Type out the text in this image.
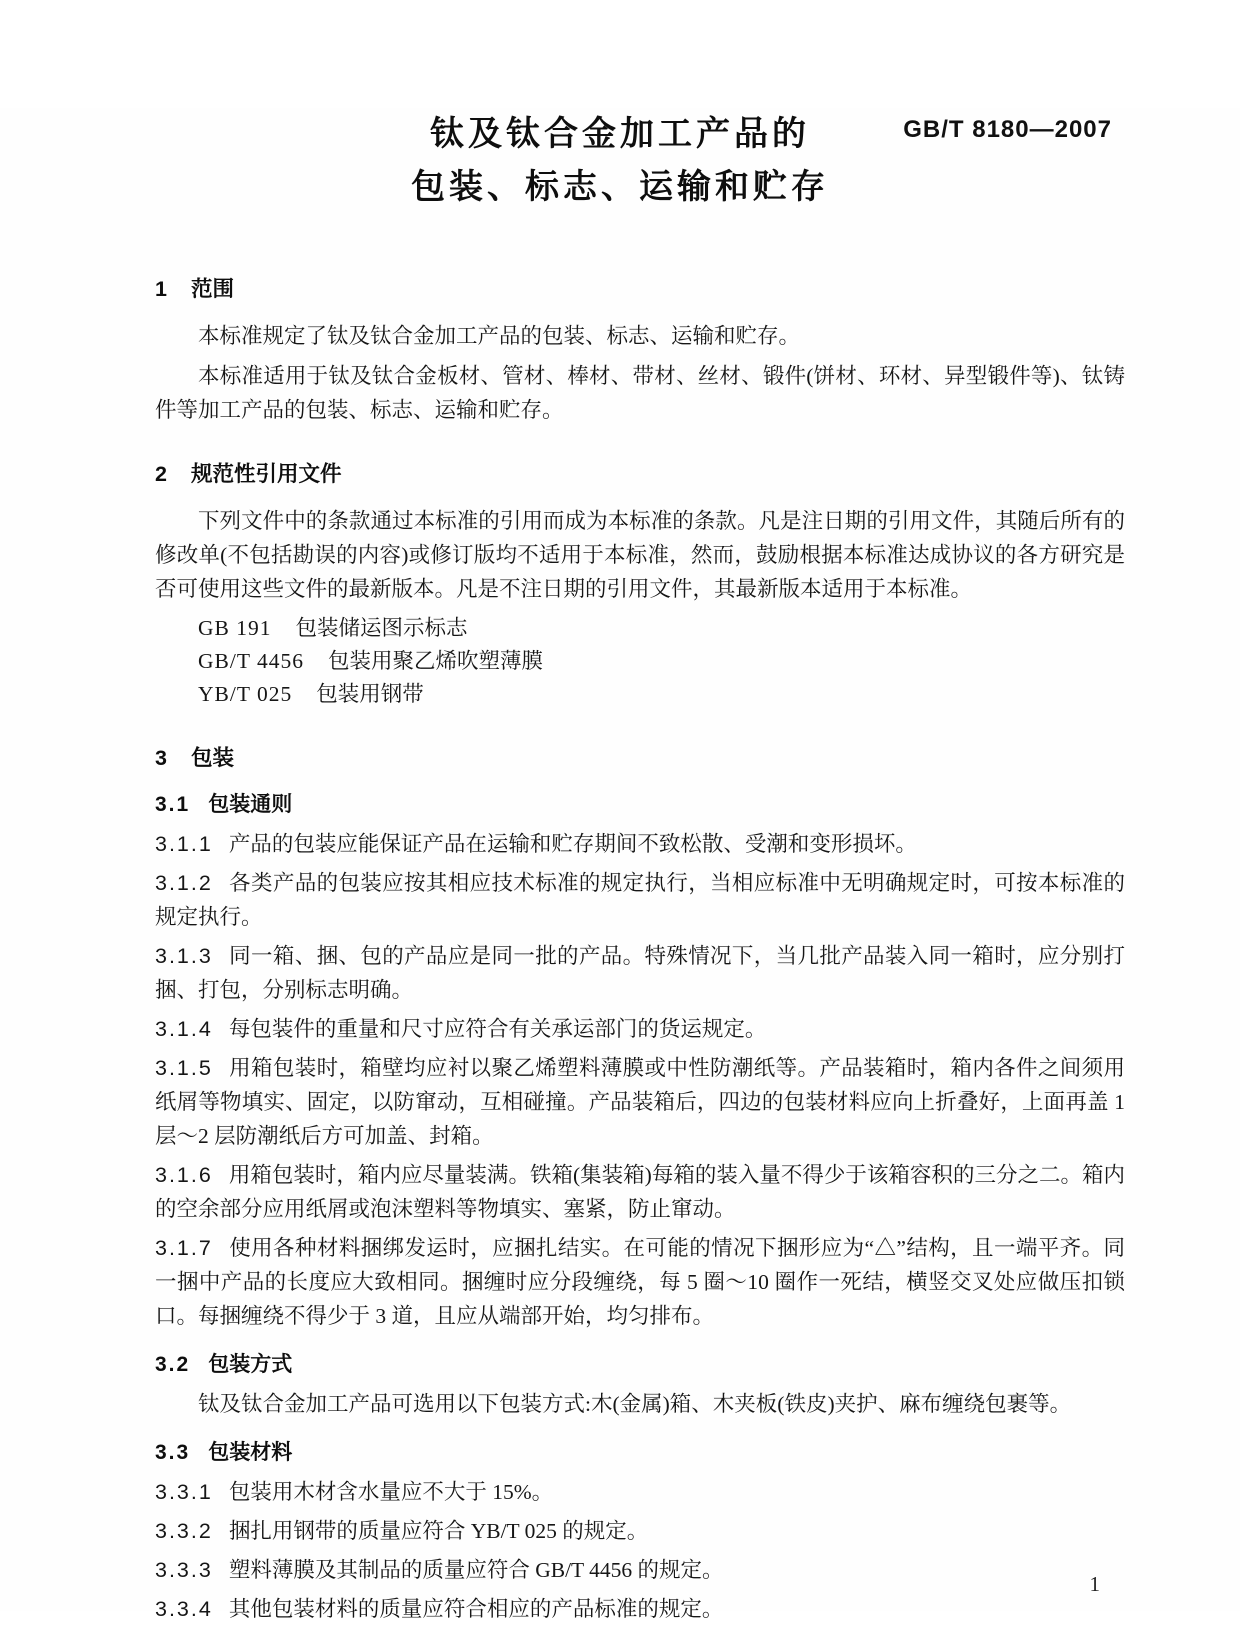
GB/T 8180—2007
钛及钛合金加工产品的
包装、标志、运输和贮存
1 范围

本标准规定了钛及钛合金加工产品的包装、标志、运输和贮存。

本标准适用于钛及钛合金板材、管材、棒材、带材、丝材、锻件(饼材、环材、异型锻件等)、钛铸件等加工产品的包装、标志、运输和贮存。

2 规范性引用文件

下列文件中的条款通过本标准的引用而成为本标准的条款。凡是注日期的引用文件，其随后所有的修改单(不包括勘误的内容)或修订版均不适用于本标准，然而，鼓励根据本标准达成协议的各方研究是否可使用这些文件的最新版本。凡是不注日期的引用文件，其最新版本适用于本标准。

GB 191 包装储运图示标志

GB/T 4456 包装用聚乙烯吹塑薄膜

YB/T 025 包装用钢带

3 包装
3.1 包装通则

3.1.1 产品的包装应能保证产品在运输和贮存期间不致松散、受潮和变形损坏。

3.1.2 各类产品的包装应按其相应技术标准的规定执行，当相应标准中无明确规定时，可按本标准的规定执行。

3.1.3 同一箱、捆、包的产品应是同一批的产品。特殊情况下，当几批产品装入同一箱时，应分别打捆、打包，分别标志明确。

3.1.4 每包装件的重量和尺寸应符合有关承运部门的货运规定。

3.1.5 用箱包装时，箱壁均应衬以聚乙烯塑料薄膜或中性防潮纸等。产品装箱时，箱内各件之间须用纸屑等物填实、固定，以防窜动，互相碰撞。产品装箱后，四边的包装材料应向上折叠好，上面再盖 1 层～2 层防潮纸后方可加盖、封箱。

3.1.6 用箱包装时，箱内应尽量装满。铁箱(集装箱)每箱的装入量不得少于该箱容积的三分之二。箱内的空余部分应用纸屑或泡沫塑料等物填实、塞紧，防止窜动。

3.1.7 使用各种材料捆绑发运时，应捆扎结实。在可能的情况下捆形应为“△”结构，且一端平齐。同一捆中产品的长度应大致相同。捆缠时应分段缠绕，每 5 圈～10 圈作一死结，横竖交叉处应做压扣锁口。每捆缠绕不得少于 3 道，且应从端部开始，均匀排布。

3.2 包装方式

钛及钛合金加工产品可选用以下包装方式:木(金属)箱、木夹板(铁皮)夹护、麻布缠绕包裹等。

3.3 包装材料

3.3.1 包装用木材含水量应不大于 15%。

3.3.2 捆扎用钢带的质量应符合 YB/T 025 的规定。

3.3.3 塑料薄膜及其制品的质量应符合 GB/T 4456 的规定。

3.3.4 其他包装材料的质量应符合相应的产品标准的规定。

1
